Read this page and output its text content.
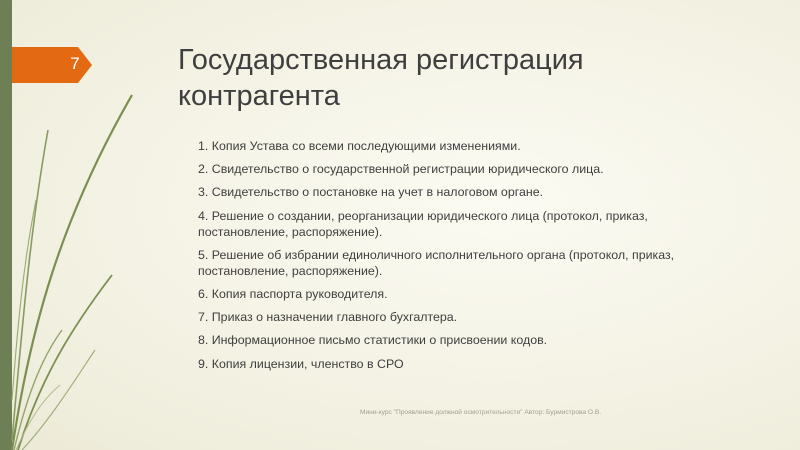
7	Государственная регистрация контрагента
1. Копия Устава со всеми последующими изменениями.
2. Свидетельство о государственной регистрации юридического лица.
3. Свидетельство о постановке на учет в налоговом органе.
4. Решение о создании, реорганизации юридического лица (протокол, приказ, постановление, распоряжение).
5. Решение об избрании единоличного исполнительного органа (протокол, приказ, постановление, распоряжение).
6. Копия паспорта руководителя.
7. Приказ о назначении главного бухгалтера.
8. Информационное письмо статистики о присвоении кодов.
9. Копия лицензии, членство в СРО
Мини-курс "Проявление должной осмотрительности" Автор: Бурмистрова О.В.
